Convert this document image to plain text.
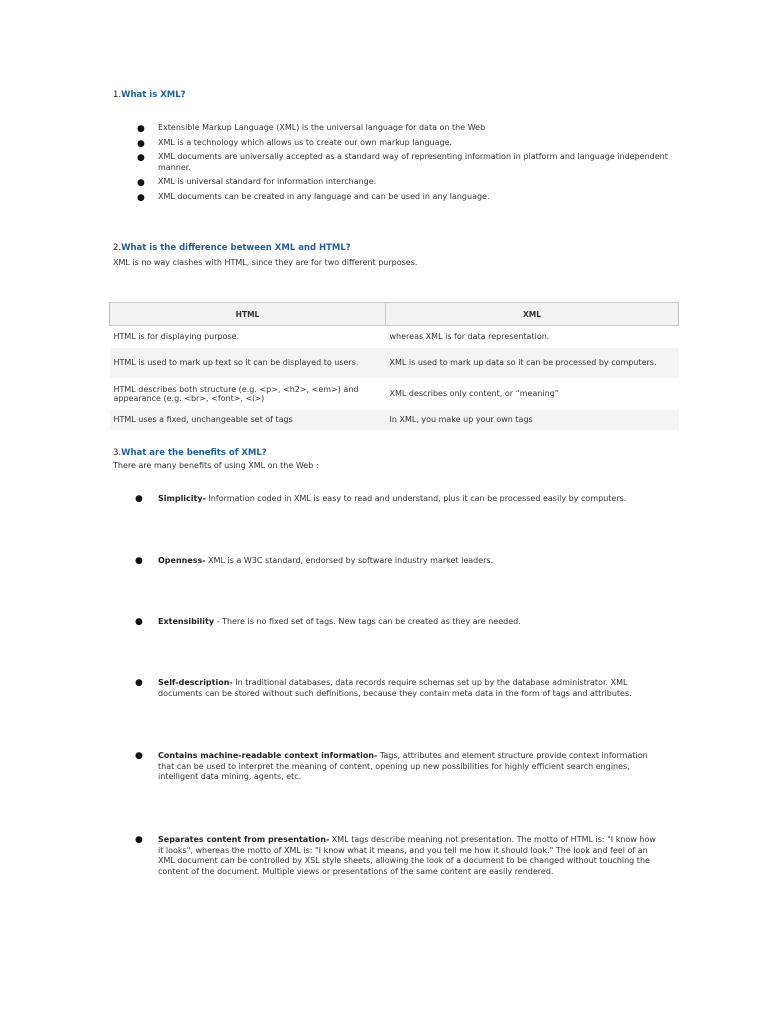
1.What is XML?

● Extensible Markup Language (XML) is the universal language for data on the Web
● XML is a technology which allows us to create our own markup language.
● XML documents are universally accepted as a standard way of representing information in platform and language independent manner.
● XML is universal standard for information interchange.
● XML documents can be created in any language and can be used in any language.

2.What is the difference between XML and HTML?

XML is no way clashes with HTML, since they are for two different purposes.

HTML	XML
HTML is for displaying purpose.	whereas XML is for data representation.
HTML is used to mark up text so it can be displayed to users.	XML is used to mark up data so it can be processed by computers.
HTML describes both structure (e.g. <p>, <h2>, <em>) and appearance (e.g. <br>, <font>, <i>)	XML describes only content, or “meaning”
HTML uses a fixed, unchangeable set of tags	In XML, you make up your own tags

3.What are the benefits of XML?

There are many benefits of using XML on the Web :

● Simplicity- Information coded in XML is easy to read and understand, plus it can be processed easily by computers.
● Openness- XML is a W3C standard, endorsed by software industry market leaders.
● Extensibility - There is no fixed set of tags. New tags can be created as they are needed.
● Self-description- In traditional databases, data records require schemas set up by the database administrator. XML documents can be stored without such definitions, because they contain meta data in the form of tags and attributes.
● Contains machine-readable context information- Tags, attributes and element structure provide context information that can be used to interpret the meaning of content, opening up new possibilities for highly efficient search engines, intelligent data mining, agents, etc.
● Separates content from presentation- XML tags describe meaning not presentation. The motto of HTML is: "I know how it looks", whereas the motto of XML is: "I know what it means, and you tell me how it should look." The look and feel of an XML document can be controlled by XSL style sheets, allowing the look of a document to be changed without touching the content of the document. Multiple views or presentations of the same content are easily rendered.
